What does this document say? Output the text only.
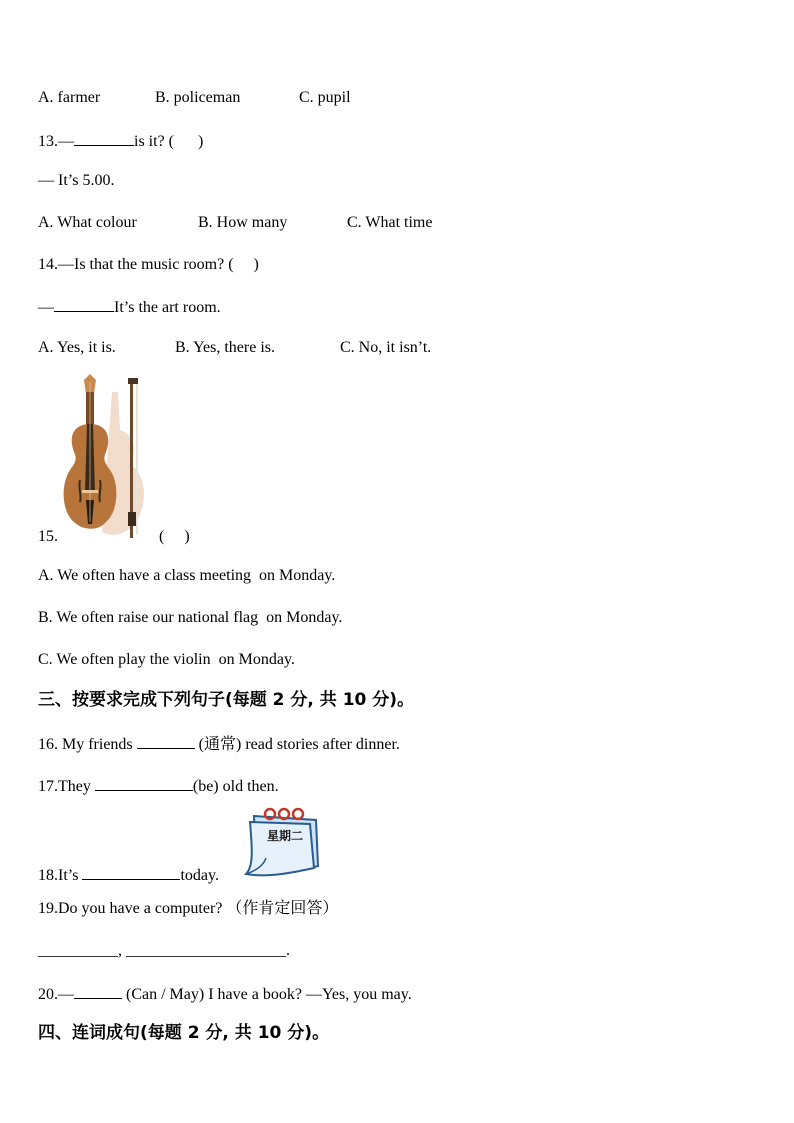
A. farmer

	B. policeman

	C. pupil

13.—	is it? (      )
— It’s 5.00.

A. What colour

	B. How many

	C. What time

14.—Is that the music room? (     )
—	It’s the art room.

A. Yes, it is.

	B. Yes, there is.

	C. No, it isn’t.

15.

	(     )

A. We often have a class meeting  on Monday.
B. We often raise our national flag  on Monday.
C. We often play the violin  on Monday.
三、按要求完成下列句子(每题 2 分, 共 10 分)。
16. My friends	(通常) read stories after dinner.
17.They	(be) old then.
星期二
18.It’s	today.
19.Do you have a computer? （作肯定回答）
__________, ____________________.
20.—	(Can / May) I have a book? —Yes, you may.
四、连词成句(每题 2 分, 共 10 分)。
